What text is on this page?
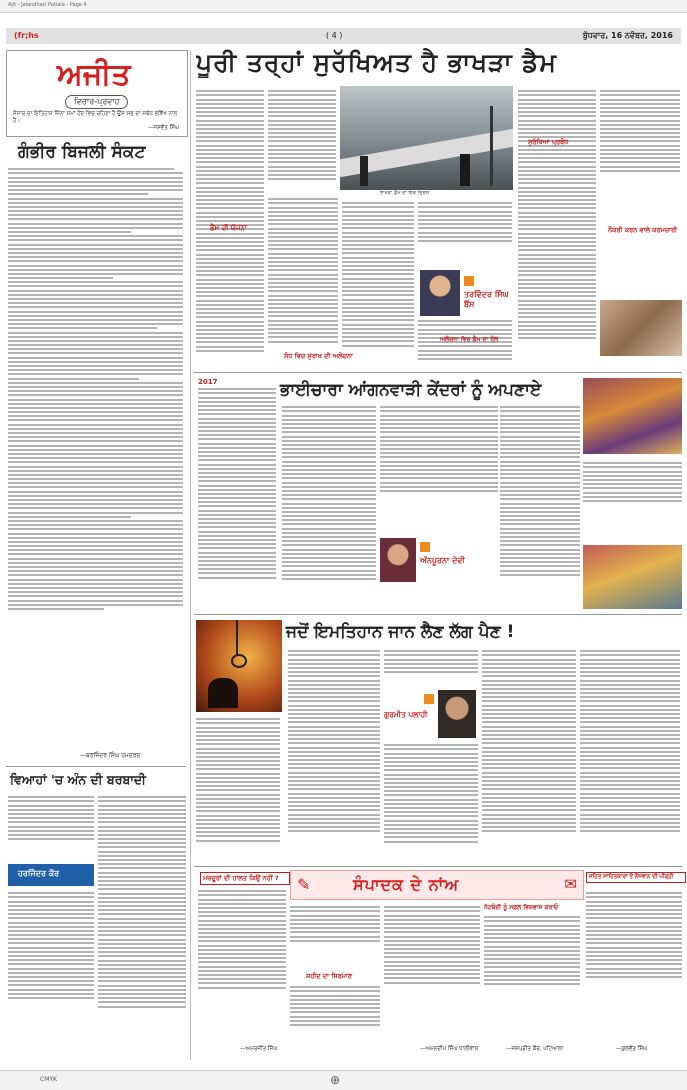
Ajit - Jalandhar/ Patiala - Page 4
(fr;hs	( 4 )	ਬੁੱਧਵਾਰ, 16 ਨਵੰਬਰ, 2016
ਅਜੀਤ
ਵਿਚਾਰ-ਪ੍ਰਵਾਹ
ਸੰਸਾਰ ਦਾ ਇਤਿਹਾਸ ਜਿੰਨਾ ਸਮਾਂ ਹੋਂਦ ਵਿਚ ਰਹਿਣਾ ਹੈ ਉਸ ਸਭ ਦਾ ਸਬੰਧ ਭਵਿੱਖ ਨਾਲ ਹੈ।
—ਜਸਵੰਤ ਸਿੰਘ
ਗੰਭੀਰ ਬਿਜਲੀ ਸੰਕਟ
—ਬਰਜਿੰਦਰ ਸਿੰਘ ਹਮਦਰਦ
ਪੂਰੀ ਤਰ੍ਹਾਂ ਸੁਰੱਖਿਅਤ ਹੈ ਭਾਖੜਾ ਡੈਮ
ਭਾਖੜਾ ਡੈਮ ਦਾ ਇਕ ਦ੍ਰਿਸ਼
ਡੈਮ ਦੀ ਯੋਜਨਾ
ਸੰਧ ਵਿਚ ਸੁਰਾਖ ਦੀ ਅਲੋਚਨਾ
ਤਰਵਿੰਦਰ ਸਿੰਘ ਬੈਂਸ
ਸੁਰੱਖਿਆ ਪ੍ਰਬੰਧ
ਅਲੋਚਨਾ ਵਿਚ ਡੈਮ ਦਾ ਰੋਲ
ਨੌਕਰੀ ਕਰਨ ਵਾਲੇ ਕਰਮਚਾਰੀ
2017	ਭਾਈਚਾਰਾ ਆਂਗਨਵਾੜੀ ਕੇਂਦਰਾਂ ਨੂੰ ਅਪਣਾਏ
ਅੰਨਪੂਰਨਾ ਦੇਵੀ
ਜਦੋਂ ਇਮਤਿਹਾਨ ਜਾਨ ਲੈਣ ਲੱਗ ਪੈਣ !
ਗੁਰਮੀਤ ਪਲਾਹੀ
ਵਿਆਹਾਂ 'ਚ ਅੰਨ ਦੀ ਬਰਬਾਦੀ
ਹਰਜਿੰਦਰ ਕੌਰ	ਮਜ਼ਦੂਰਾਂ ਦੀ ਹਾਲਤ ਕਿਉਂ ਨਹੀਂ ?
—ਅਮਰਜੀਤ ਸਿੰਘ
✎	ਸੰਪਾਦਕ ਦੇ ਨਾਂਅ	✉
ਸ਼ਹੀਦ ਦਾ ਸਿਰਮਾਣ
—ਅਮਨਦੀਪ ਸਿੰਘ ਧਾਲੀਵਾਲ
ਨੋਟਬੰਦੀ ਨੂੰ ਸਫ਼ਲ ਵਿਸ਼ਵਾਸ ਕਰਾਓ
—ਜਸਪ੍ਰੀਤ ਕੌਰ, ਪਟਿਆਲਾ
ਸਹਿਤ ਸਾਹਿਤਕਾਰਾਂ ਤੋਂ ਨੌਜਵਾਨ ਦੀ ਪੀੜ੍ਹੀ
—ਕੁਲਵੰਤ ਸਿੰਘ
CMYK	⊕
